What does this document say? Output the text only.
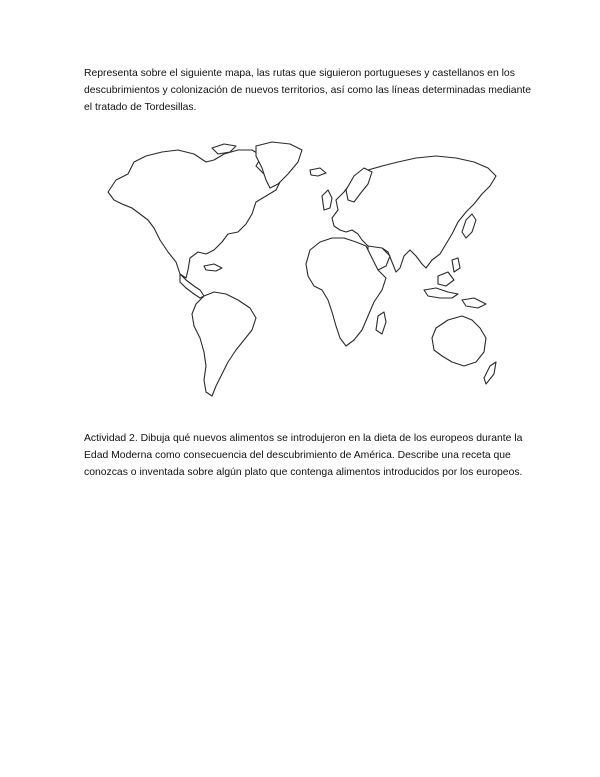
Representa sobre el siguiente mapa, las rutas que siguieron portugueses y castellanos en los
descubrimientos y colonización de nuevos territorios, así como las líneas determinadas mediante
el tratado de Tordesillas.

Actividad 2. Dibuja qué nuevos alimentos se introdujeron en la dieta de los europeos durante la
Edad Moderna como consecuencia del descubrimiento de América. Describe una receta que
conozcas o inventada sobre algún plato que contenga alimentos introducidos por los europeos.
